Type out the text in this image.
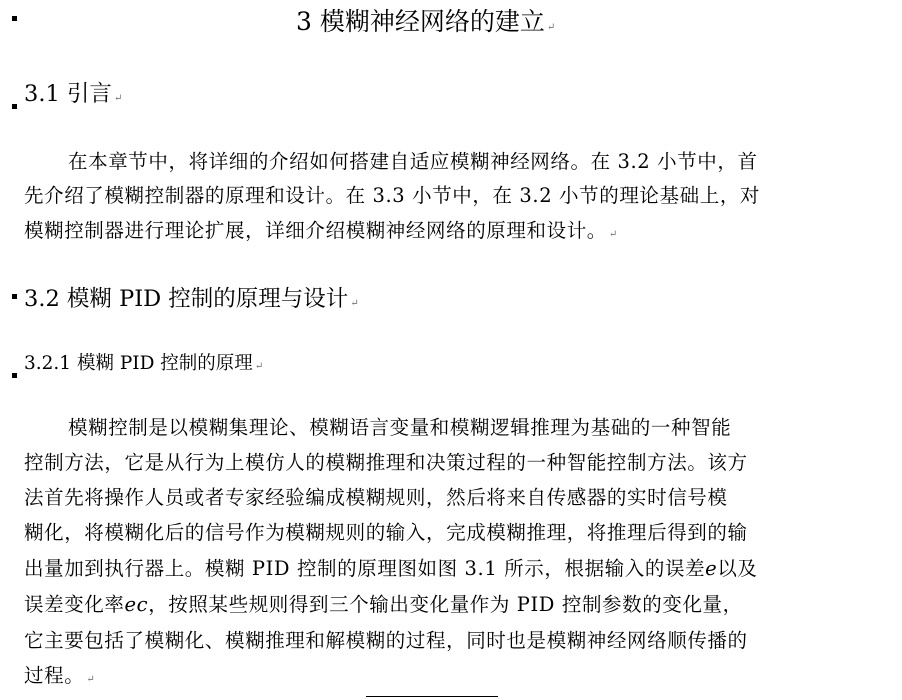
3 模糊神经网络的建立 ↵
3.1 引言 ↵
在本章节中，将详细的介绍如何搭建自适应模糊神经网络。在 3.2 小节中，首
先介绍了模糊控制器的原理和设计。在 3.3 小节中，在 3.2 小节的理论基础上，对
模糊控制器进行理论扩展，详细介绍模糊神经网络的原理和设计。 ↵
3.2 模糊 PID 控制的原理与设计 ↵
3.2.1 模糊 PID 控制的原理 ↵
模糊控制是以模糊集理论、模糊语言变量和模糊逻辑推理为基础的一种智能
控制方法，它是从行为上模仿人的模糊推理和决策过程的一种智能控制方法。该方
法首先将操作人员或者专家经验编成模糊规则，然后将来自传感器的实时信号模
糊化，将模糊化后的信号作为模糊规则的输入，完成模糊推理，将推理后得到的输
出量加到执行器上。模糊 PID 控制的原理图如图 3.1 所示，根据输入的误差e以及
误差变化率ec，按照某些规则得到三个输出变化量作为 PID 控制参数的变化量，
它主要包括了模糊化、模糊推理和解模糊的过程，同时也是模糊神经网络顺传播的
过程。 ↵
